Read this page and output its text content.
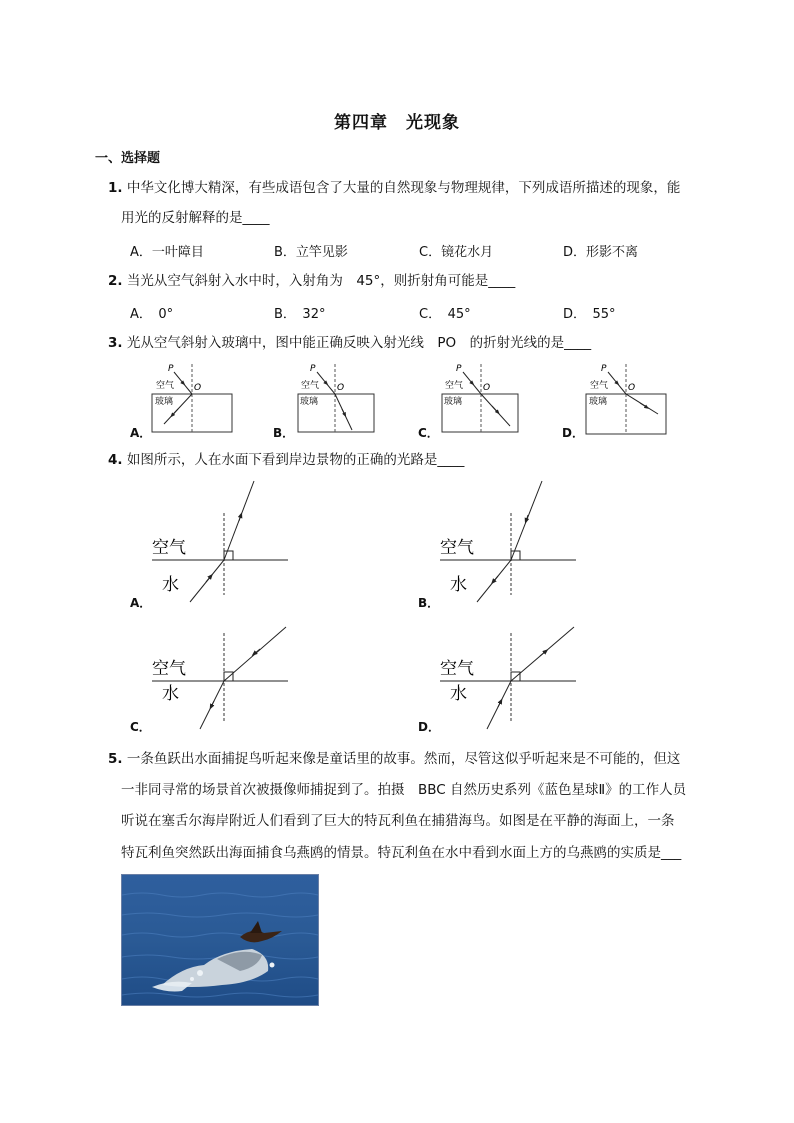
第四章　光现象
一、选择题
1. 中华文化博大精深，有些成语包含了大量的自然现象与物理规律，下列成语所描述的现象，能
用光的反射解释的是____
A．一叶障目	B．立竿见影	C．镜花水月	D．形影不离
2. 当光从空气斜射入水中时，入射角为　45°，则折射角可能是____
A．　0°	B．　32°	C．　45°	D．　55°
3. 光从空气斜射入玻璃中，图中能正确反映入射光线　PO　的折射光线的是____
P
空气 O
玻璃
P
空气 O
玻璃
P
空气 O
玻璃
P
空气 O
玻璃
A．	B．	C．	D．
4. 如图所示，人在水面下看到岸边景物的正确的光路是____
空气
水
空气
水
空气
水
空气
水
A．	B．
C．	D．
5. 一条鱼跃出水面捕捉鸟听起来像是童话里的故事。然而，尽管这似乎听起来是不可能的，但这
一非同寻常的场景首次被摄像师捕捉到了。拍摄　BBC 自然历史系列《蓝色星球Ⅱ》的工作人员
听说在塞舌尔海岸附近人们看到了巨大的特瓦利鱼在捕猎海鸟。如图是在平静的海面上，一条
特瓦利鱼突然跃出海面捕食乌燕鸥的情景。特瓦利鱼在水中看到水面上方的乌燕鸥的实质是___
